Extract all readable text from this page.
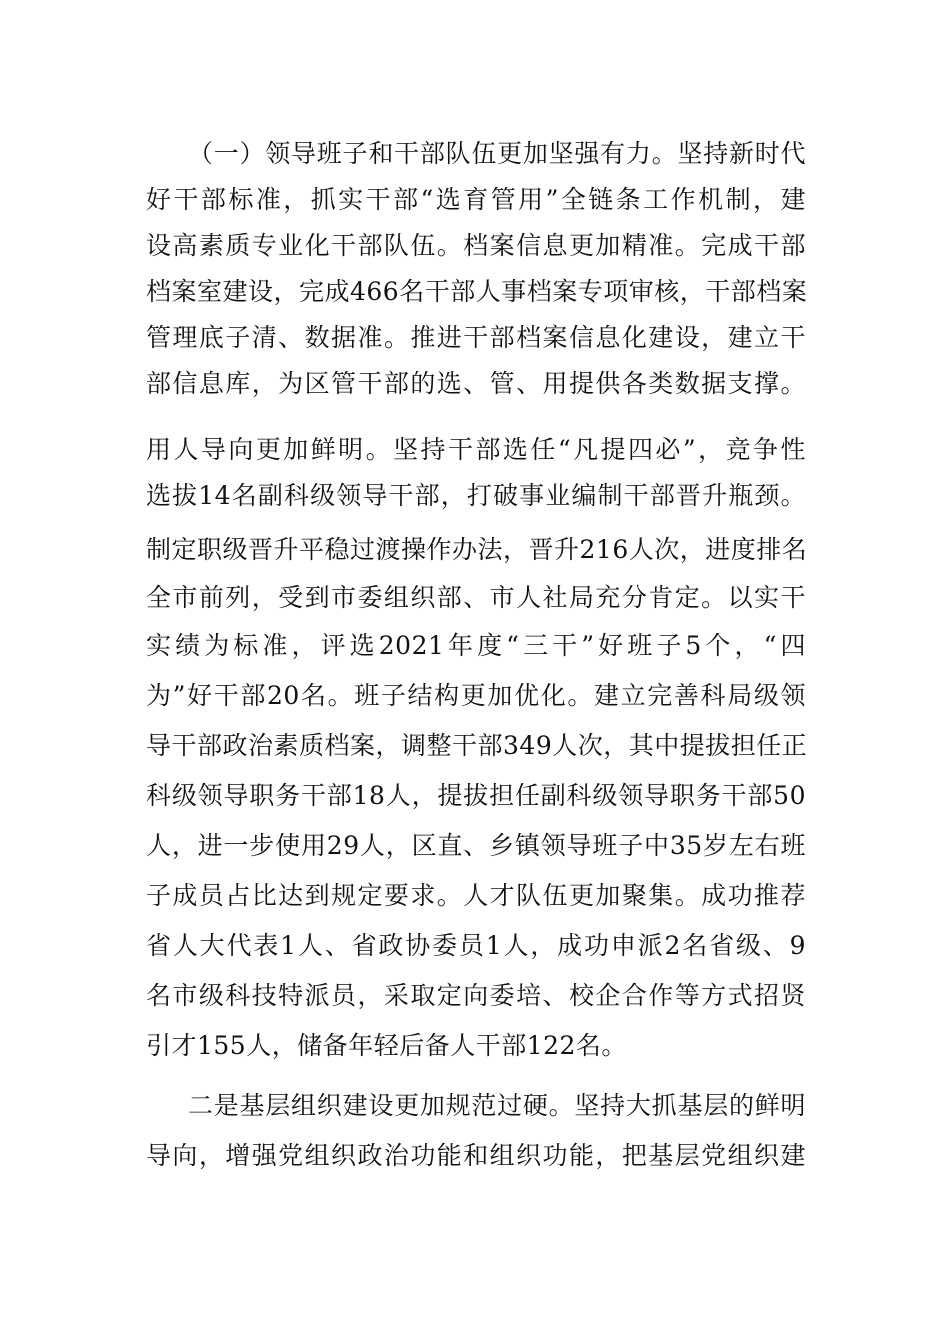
（一）领导班子和干部队伍更加坚强有力。坚持新时代
好干部标准，抓实干部“选育管用”全链条工作机制，建
设高素质专业化干部队伍。档案信息更加精准。完成干部
档案室建设，完成466名干部人事档案专项审核，干部档案
管理底子清、数据准。推进干部档案信息化建设，建立干
部信息库，为区管干部的选、管、用提供各类数据支撑。
用人导向更加鲜明。坚持干部选任“凡提四必”，竞争性
选拔14名副科级领导干部，打破事业编制干部晋升瓶颈。
制定职级晋升平稳过渡操作办法，晋升216人次，进度排名
全市前列，受到市委组织部、市人社局充分肯定。以实干
实绩为标准，评选2021年度“三干”好班子5个，“四
为”好干部20名。班子结构更加优化。建立完善科局级领
导干部政治素质档案，调整干部349人次，其中提拔担任正
科级领导职务干部18人，提拔担任副科级领导职务干部50
人，进一步使用29人，区直、乡镇领导班子中35岁左右班
子成员占比达到规定要求。人才队伍更加聚集。成功推荐
省人大代表1人、省政协委员1人，成功申派2名省级、9
名市级科技特派员，采取定向委培、校企合作等方式招贤
引才155人，储备年轻后备人干部122名。
二是基层组织建设更加规范过硬。坚持大抓基层的鲜明
导向，增强党组织政治功能和组织功能，把基层党组织建
